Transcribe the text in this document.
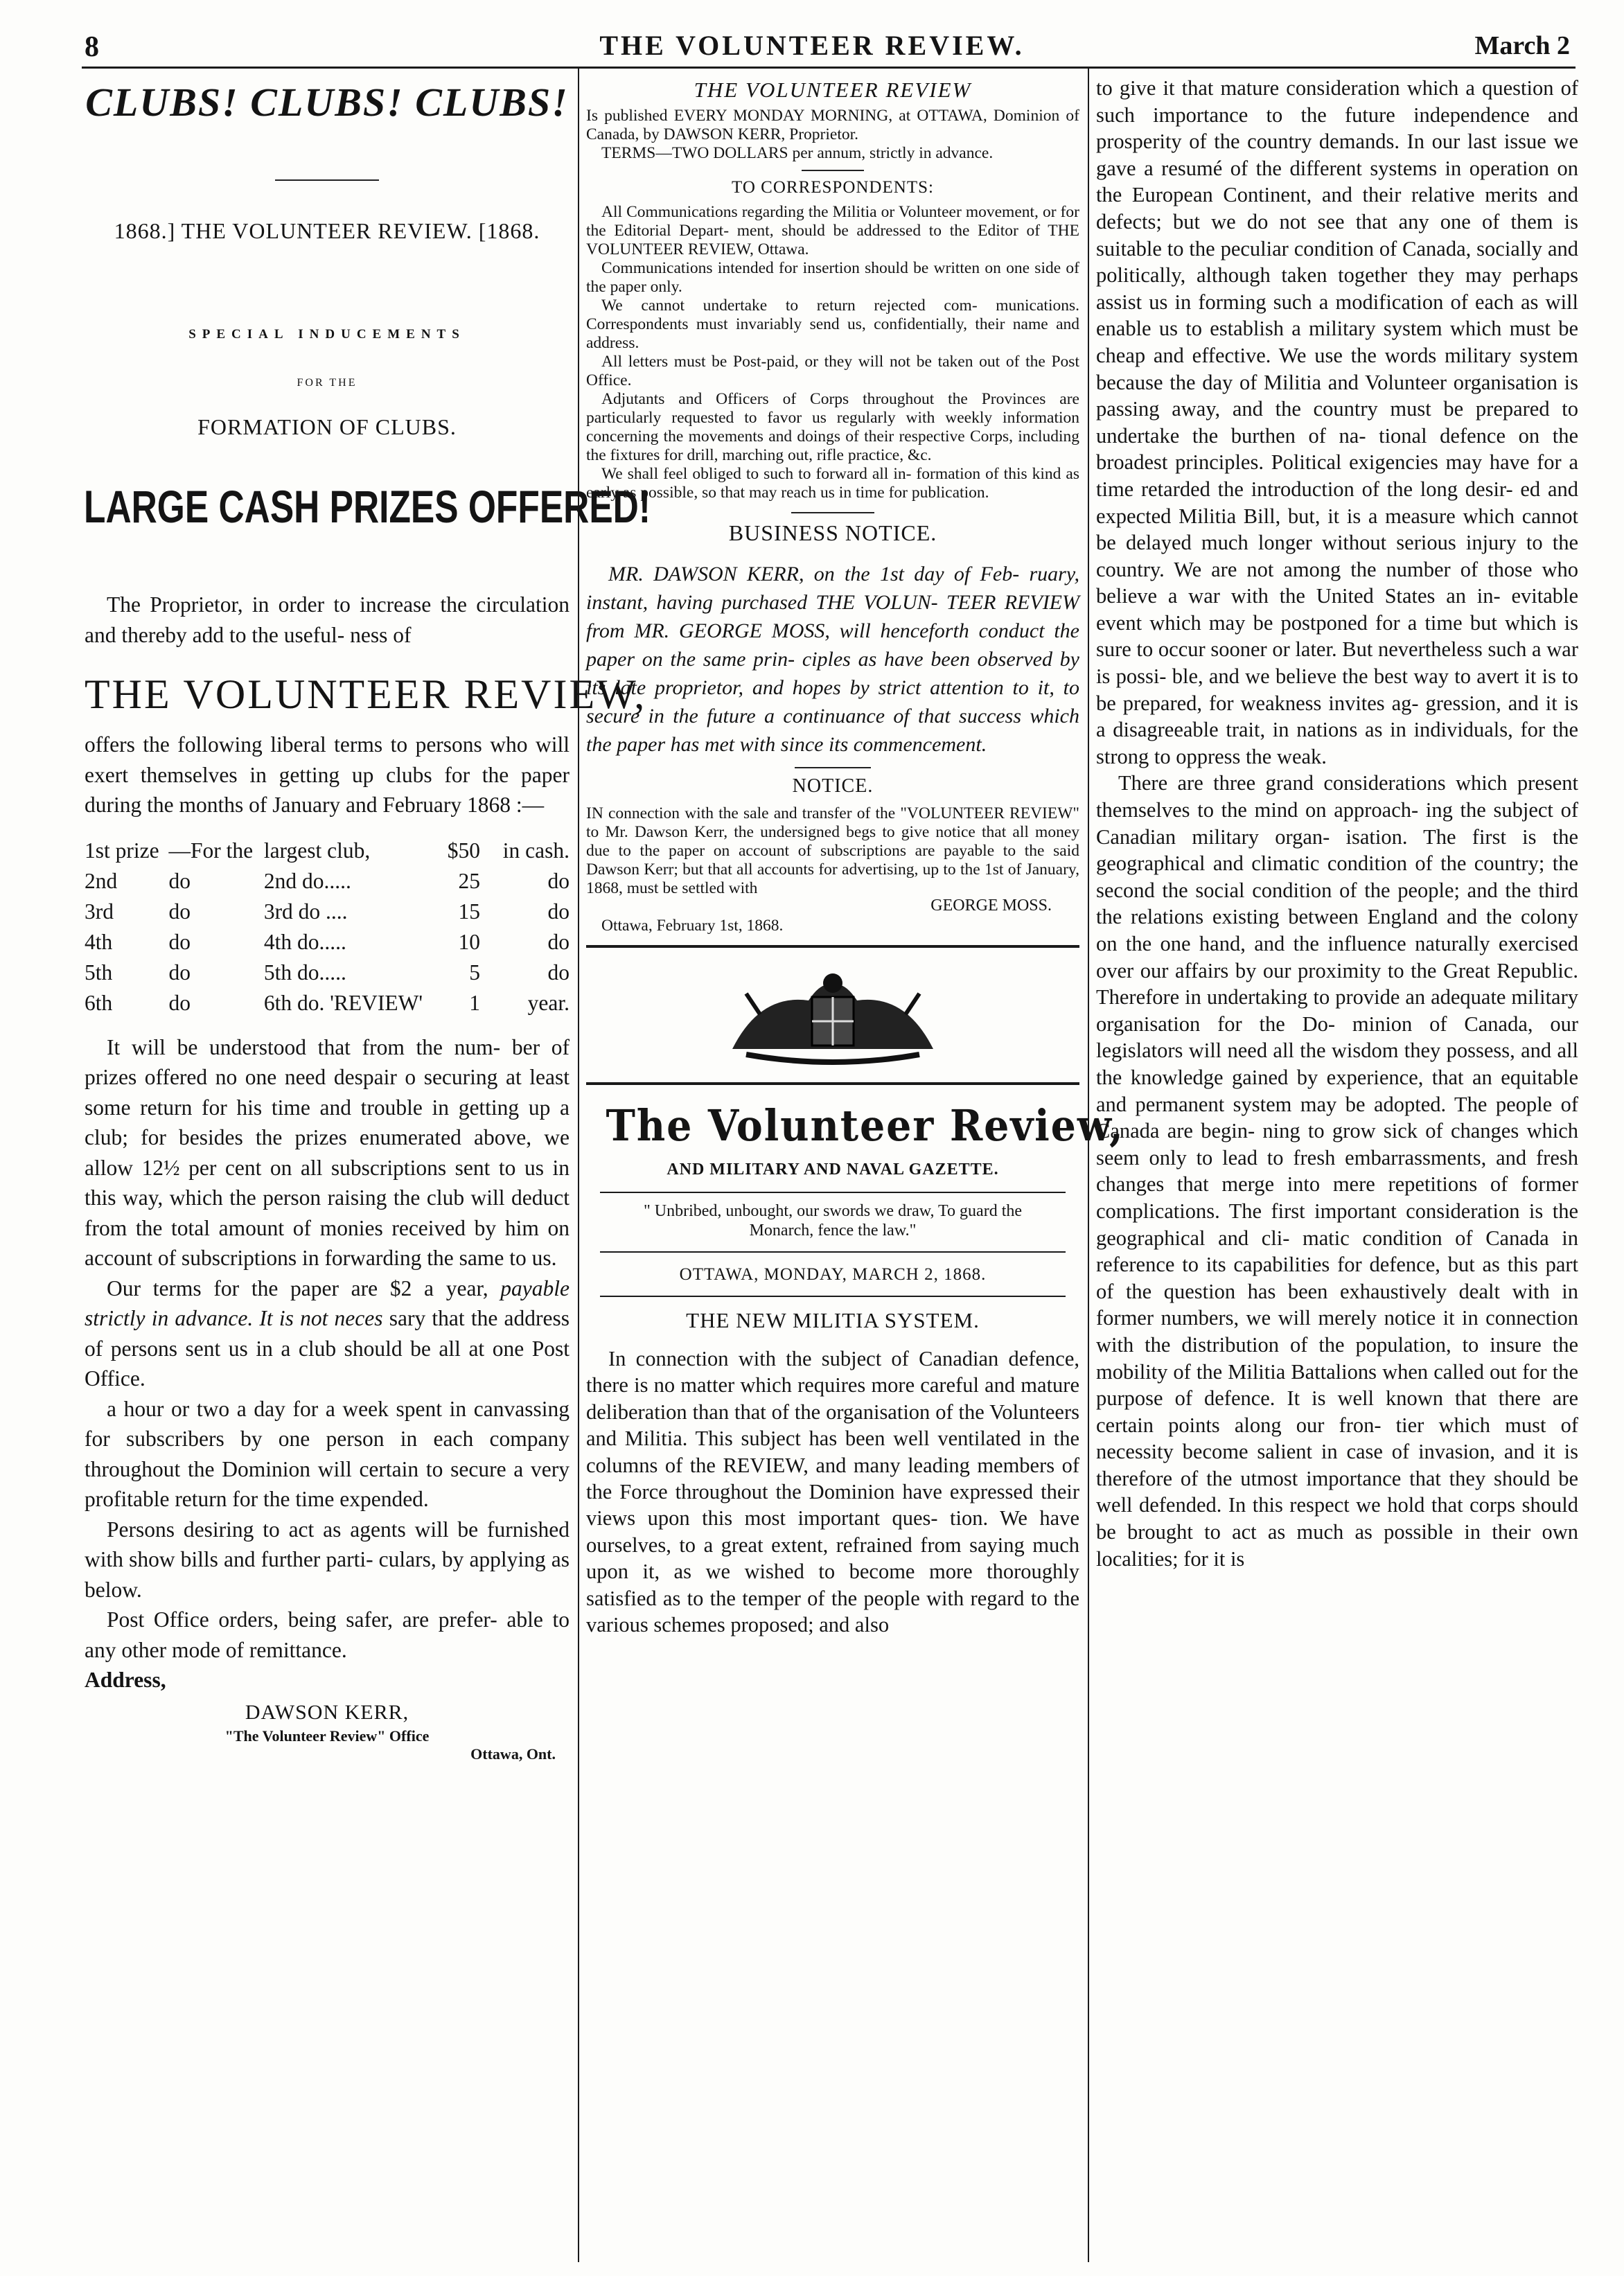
8	THE VOLUNTEER REVIEW.	March 2
CLUBS! CLUBS! CLUBS!
1868.] THE VOLUNTEER REVIEW. [1868.
SPECIAL INDUCEMENTS
FOR THE
FORMATION OF CLUBS.
LARGE CASH PRIZES OFFERED!

The Proprietor, in order to increase the circulation and thereby add to the useful- ness of

THE VOLUNTEER REVIEW,

offers the following liberal terms to persons who will exert themselves in getting up clubs for the paper during the months of January and February 1868 :—

1st prize	—For the	largest club,	$50	in cash.
2nd	do	2nd do.....	25	do
3rd	do	3rd do ....	15	do
4th	do	4th do.....	10	do
5th	do	5th do.....	5	do
6th	do	6th do. 'REVIEW'	1	year.

It will be understood that from the num- ber of prizes offered no one need despair o securing at least some return for his time and trouble in getting up a club; for besides the prizes enumerated above, we allow 12½ per cent on all subscriptions sent to us in this way, which the person raising the club will deduct from the total amount of monies received by him on account of subscriptions in forwarding the same to us.

Our terms for the paper are $2 a year, payable strictly in advance. It is not neces sary that the address of persons sent us in a club should be all at one Post Office.

a hour or two a day for a week spent in canvassing for subscribers by one person in each company throughout the Dominion will certain to secure a very profitable return for the time expended.

Persons desiring to act as agents will be furnished with show bills and further parti- culars, by applying as below.

Post Office orders, being safer, are prefer- able to any other mode of remittance.

Address,

DAWSON KERR,
"The Volunteer Review" Office
Ottawa, Ont.
THE VOLUNTEER REVIEW

Is published EVERY MONDAY MORNING, at OTTAWA, Dominion of Canada, by DAWSON KERR, Proprietor.

TERMS—TWO DOLLARS per annum, strictly in advance.

TO CORRESPONDENTS:

All Communications regarding the Militia or Volunteer movement, or for the Editorial Depart- ment, should be addressed to the Editor of THE VOLUNTEER REVIEW, Ottawa.

Communications intended for insertion should be written on one side of the paper only.

We cannot undertake to return rejected com- munications. Correspondents must invariably send us, confidentially, their name and address.

All letters must be Post-paid, or they will not be taken out of the Post Office.

Adjutants and Officers of Corps throughout the Provinces are particularly requested to favor us regularly with weekly information concerning the movements and doings of their respective Corps, including the fixtures for drill, marching out, rifle practice, &c.

We shall feel obliged to such to forward all in- formation of this kind as early as possible, so that may reach us in time for publication.

BUSINESS NOTICE.

MR. DAWSON KERR, on the 1st day of Feb- ruary, instant, having purchased THE VOLUN- TEER REVIEW from MR. GEORGE MOSS, will henceforth conduct the paper on the same prin- ciples as have been observed by its late proprietor, and hopes by strict attention to it, to secure in the future a continuance of that success which the paper has met with since its commencement.

NOTICE.

IN connection with the sale and transfer of the "VOLUNTEER REVIEW" to Mr. Dawson Kerr, the undersigned begs to give notice that all money due to the paper on account of subscriptions are payable to the said Dawson Kerr; but that all accounts for advertising, up to the 1st of January, 1868, must be settled with

GEORGE MOSS.

Ottawa, February 1st, 1868.

The Volunteer Review,
AND MILITARY AND NAVAL GAZETTE.
" Unbribed, unbought, our swords we draw, To guard the Monarch, fence the law."
OTTAWA, MONDAY, MARCH 2, 1868.
THE NEW MILITIA SYSTEM.

In connection with the subject of Canadian defence, there is no matter which requires more careful and mature deliberation than that of the organisation of the Volunteers and Militia. This subject has been well ventilated in the columns of the REVIEW, and many leading members of the Force throughout the Dominion have expressed their views upon this most important ques- tion. We have ourselves, to a great extent, refrained from saying much upon it, as we wished to become more thoroughly satisfied as to the temper of the people with regard to the various schemes proposed; and also

to give it that mature consideration which a question of such importance to the future independence and prosperity of the country demands. In our last issue we gave a resumé of the different systems in operation on the European Continent, and their relative merits and defects; but we do not see that any one of them is suitable to the peculiar condition of Canada, socially and politically, although taken together they may perhaps assist us in forming such a modification of each as will enable us to establish a military system which must be cheap and effective. We use the words military system because the day of Militia and Volunteer organisation is passing away, and the country must be prepared to undertake the burthen of na- tional defence on the broadest principles. Political exigencies may have for a time retarded the introduction of the long desir- ed and expected Militia Bill, but, it is a measure which cannot be delayed much longer without serious injury to the country. We are not among the number of those who believe a war with the United States an in- evitable event which may be postponed for a time but which is sure to occur sooner or later. But nevertheless such a war is possi- ble, and we believe the best way to avert it is to be prepared, for weakness invites ag- gression, and it is a disagreeable trait, in nations as in individuals, for the strong to oppress the weak.

There are three grand considerations which present themselves to the mind on approach- ing the subject of Canadian military organ- isation. The first is the geographical and climatic condition of the country; the second the social condition of the people; and the third the relations existing between England and the colony on the one hand, and the influence naturally exercised over our affairs by our proximity to the Great Republic. Therefore in undertaking to provide an adequate military organisation for the Do- minion of Canada, our legislators will need all the wisdom they possess, and all the knowledge gained by experience, that an equitable and permanent system may be adopted. The people of Canada are begin- ning to grow sick of changes which seem only to lead to fresh embarrassments, and fresh changes that merge into mere repetitions of former complications. The first important consideration is the geographical and cli- matic condition of Canada in reference to its capabilities for defence, but as this part of the question has been exhaustively dealt with in former numbers, we will merely notice it in connection with the distribution of the population, to insure the mobility of the Militia Battalions when called out for the purpose of defence. It is well known that there are certain points along our fron- tier which must of necessity become salient in case of invasion, and it is therefore of the utmost importance that they should be well defended. In this respect we hold that corps should be brought to act as much as possible in their own localities; for it is
